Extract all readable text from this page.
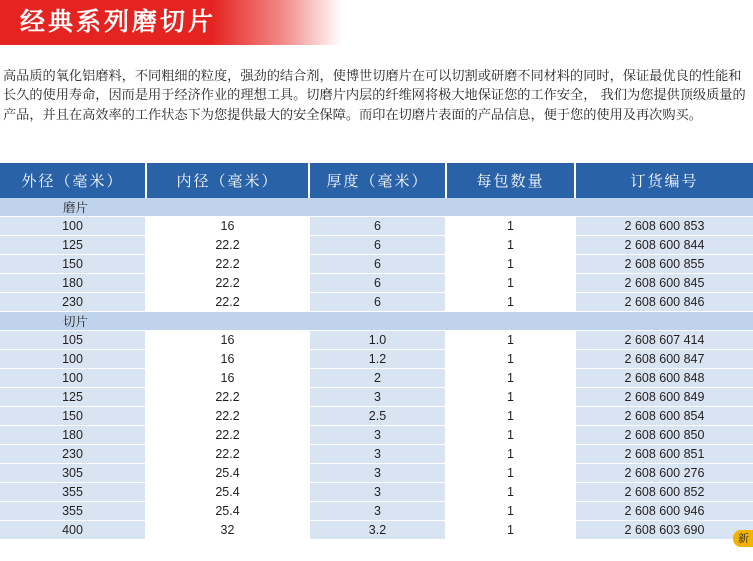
经典系列磨切片
高品质的氧化铝磨料，不同粗细的粒度，强劲的结合剂，使博世切磨片在可以切割或研磨不同材料的同时，保证最优良的性能和长久的使用寿命，因而是用于经济作业的理想工具。切磨片内层的纤维网将极大地保证您的工作安全， 我们为您提供顶级质量的产品，并且在高效率的工作状态下为您提供最大的安全保障。而印在切磨片表面的产品信息，便于您的使用及再次购买。
外径（毫米）	内径（毫米）	厚度（毫米）	每包数量	订货编号
磨片				
100	16	6	1	2 608 600 853
125	22.2	6	1	2 608 600 844
150	22.2	6	1	2 608 600 855
180	22.2	6	1	2 608 600 845
230	22.2	6	1	2 608 600 846
切片				
105	16	1.0	1	2 608 607 414
100	16	1.2	1	2 608 600 847
100	16	2	1	2 608 600 848
125	22.2	3	1	2 608 600 849
150	22.2	2.5	1	2 608 600 854
180	22.2	3	1	2 608 600 850
230	22.2	3	1	2 608 600 851
305	25.4	3	1	2 608 600 276
355	25.4	3	1	2 608 600 852
355	25.4	3	1	2 608 600 946
400	32	3.2	1	2 608 603 690
新
